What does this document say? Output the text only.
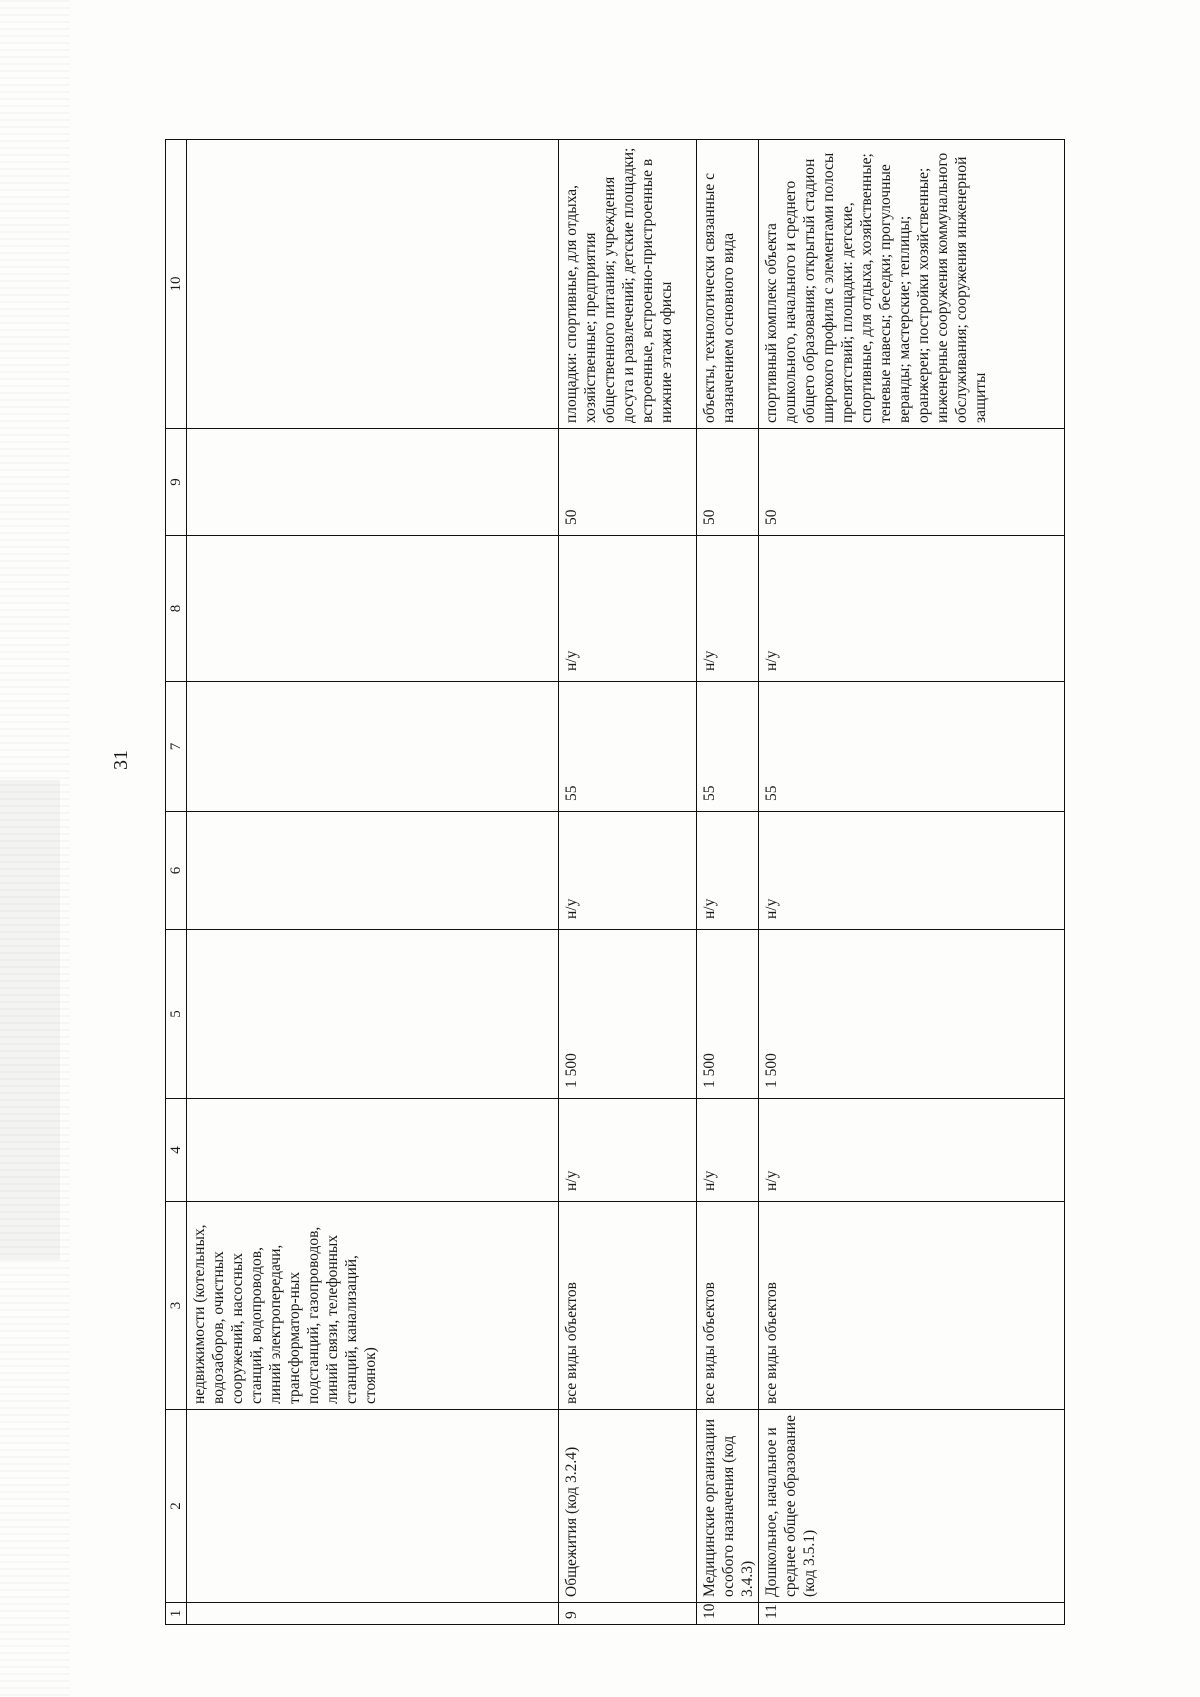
31
1	2	3	4	5	6	7	8	9	10
		недвижимости (котельных, водозаборов, очистных сооружений, насосных станций, водопроводов, линий электропередачи, трансформатор-ных подстанций, газопроводов, линий связи, телефонных станций, канализаций, стоянок)							
9	Общежития (код 3.2.4)	все виды объектов	н/у	1 500	н/у	55	н/у	50	площадки: спортивные, для отдыха, хозяйственные; предприятия общественного питания; учреждения досуга и развлечений; детские площадки; встроенные, встроенно-пристроенные в нижние этажи офисы
10	Медицинские организации особого назначения (код 3.4.3)	все виды объектов	н/у	1 500	н/у	55	н/у	50	объекты, технологически связанные с назначением основного вида
11	Дошкольное, начальное и среднее общее образование (код 3.5.1)	все виды объектов	н/у	1 500	н/у	55	н/у	50	спортивный комплекс объекта дошкольного, начального и среднего общего образования; открытый стадион широкого профиля с элементами полосы препятствий; площадки: детские, спортивные, для отдыха, хозяйственные; теневые навесы; беседки; прогулочные веранды; мастерские; теплицы; оранжереи; постройки хозяйственные; инженерные сооружения коммунального обслуживания; сооружения инженерной защиты
